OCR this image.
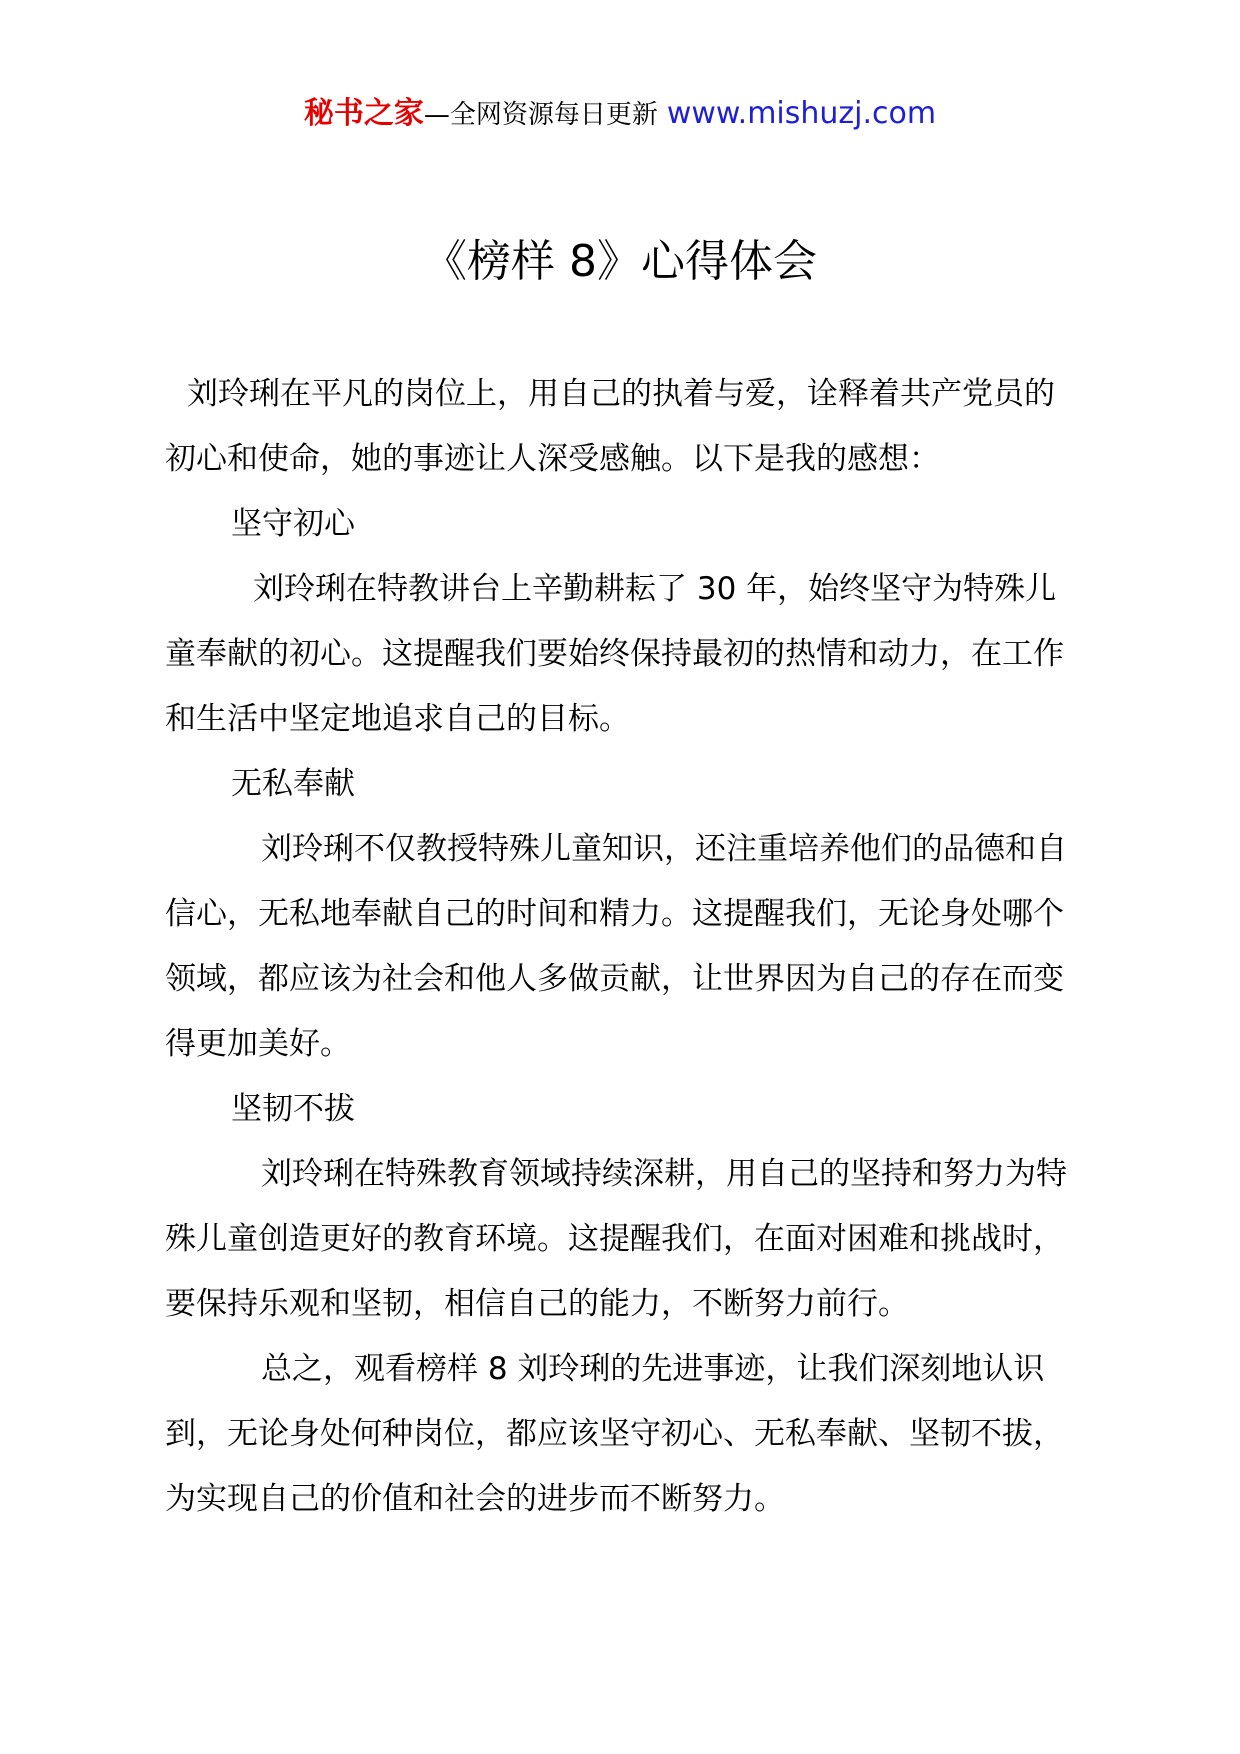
秘书之家—全网资源每日更新 www.mishuzj.com
《榜样 8》心得体会

刘玲琍在平凡的岗位上，用自己的执着与爱，诠释着共产党员的初心和使命，她的事迹让人深受感触。以下是我的感想：

坚守初心

刘玲琍在特教讲台上辛勤耕耘了 30 年，始终坚守为特殊儿童奉献的初心。这提醒我们要始终保持最初的热情和动力，在工作和生活中坚定地追求自己的目标。

无私奉献

刘玲琍不仅教授特殊儿童知识，还注重培养他们的品德和自信心，无私地奉献自己的时间和精力。这提醒我们，无论身处哪个领域，都应该为社会和他人多做贡献，让世界因为自己的存在而变得更加美好。

坚韧不拔

刘玲琍在特殊教育领域持续深耕，用自己的坚持和努力为特殊儿童创造更好的教育环境。这提醒我们，在面对困难和挑战时，要保持乐观和坚韧，相信自己的能力，不断努力前行。

总之，观看榜样 8 刘玲琍的先进事迹，让我们深刻地认识到，无论身处何种岗位，都应该坚守初心、无私奉献、坚韧不拔，为实现自己的价值和社会的进步而不断努力。
